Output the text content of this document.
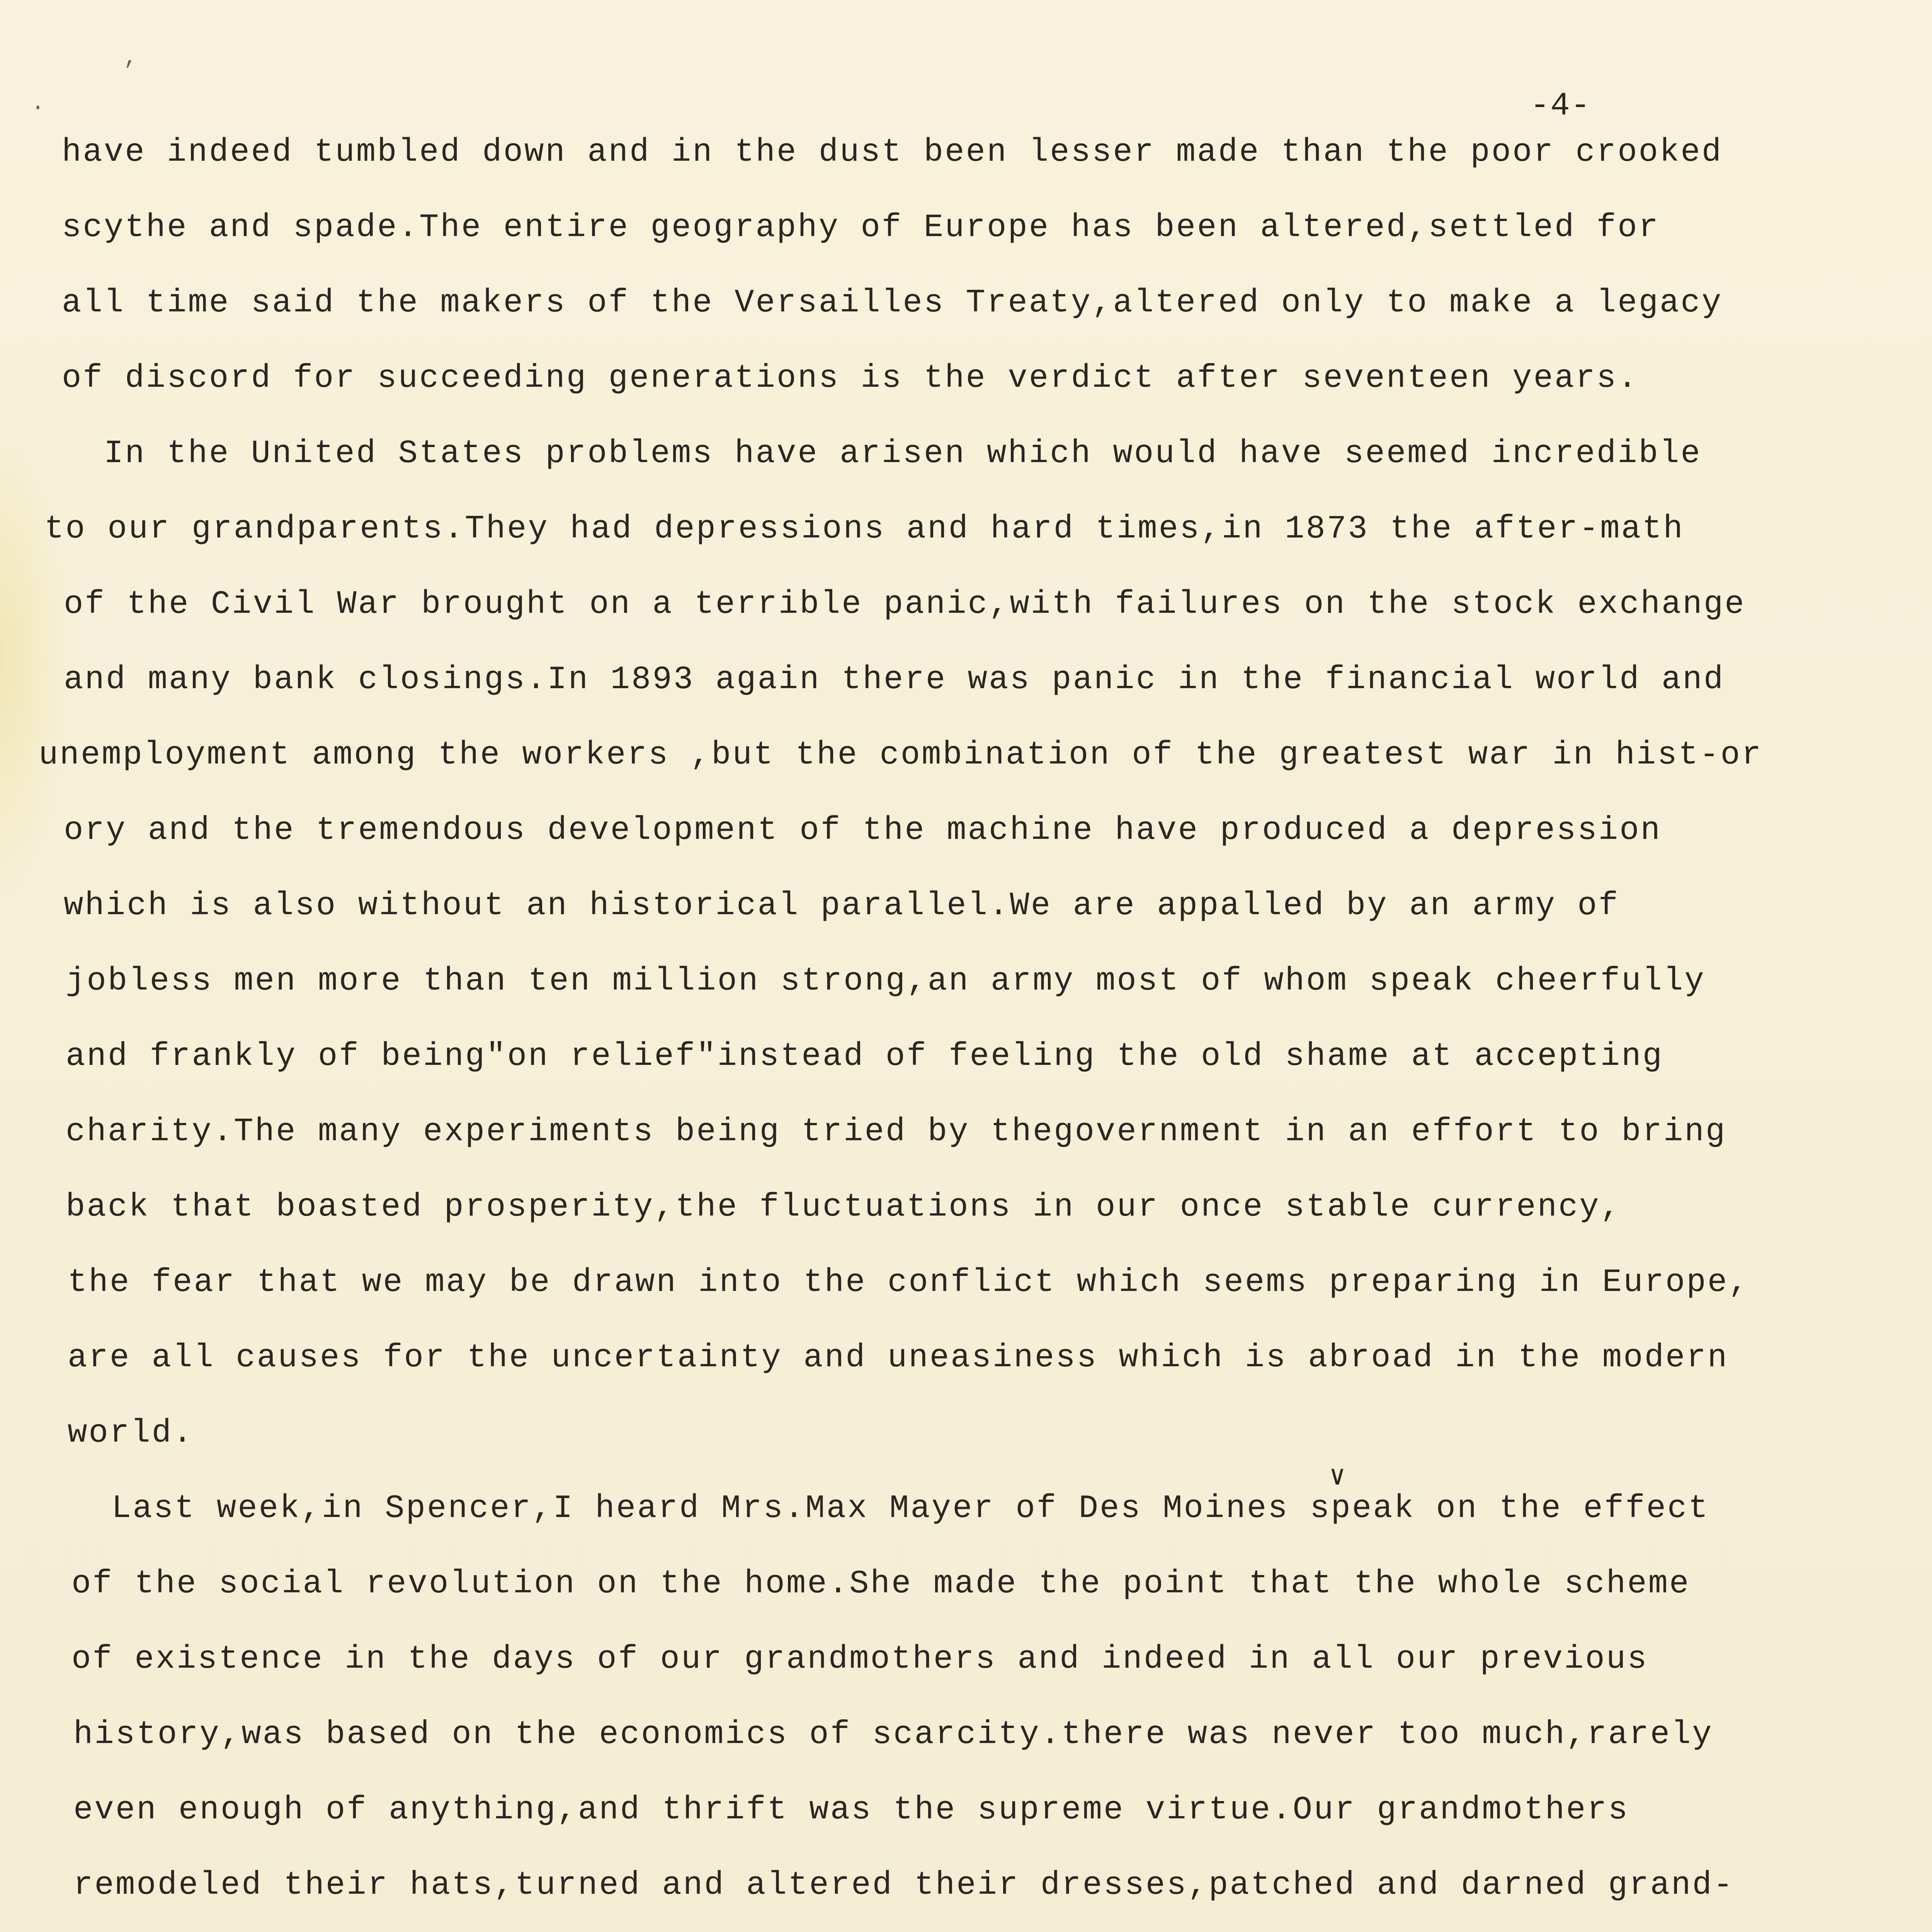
,
·	-4-
have indeed tumbled down and in the dust been lesser made than the poor crooked
scythe and spade.The entire geography of Europe has been altered,settled for
all time said the makers of the Versailles Treaty,altered only to make a legacy
of discord for succeeding generations is the verdict after seventeen years.
In the United States problems have arisen which would have seemed incredible
to our grandparents.They had depressions and hard times,in 1873 the after-math
of the Civil War brought on a terrible panic,with failures on the stock exchange
and many bank closings.In 1893 again there was panic in the financial world and
unemployment among the workers ,but the combination of the greatest war in hist-or
ory and the tremendous development of the machine have produced a depression
which is also without an historical parallel.We are appalled by an army of
jobless men more than ten million strong,an army most of whom speak cheerfully
and frankly of being"on relief"instead of feeling the old shame at accepting
charity.The many experiments being tried by thegovernment in an effort to bring
back that boasted prosperity,the fluctuations in our once stable currency,
the fear that we may be drawn into the conflict which seems preparing in Europe,
are all causes for the uncertainty and uneasiness which is abroad in the modern
world.
∨
Last week,in Spencer,I heard Mrs.Max Mayer of Des Moines speak on the effect
of the social revolution on the home.She made the point that the whole scheme
of existence in the days of our grandmothers and indeed in all our previous
history,was based on the economics of scarcity.there was never too much,rarely
even enough of anything,and thrift was the supreme virtue.Our grandmothers
remodeled their hats,turned and altered their dresses,patched and darned grand-
